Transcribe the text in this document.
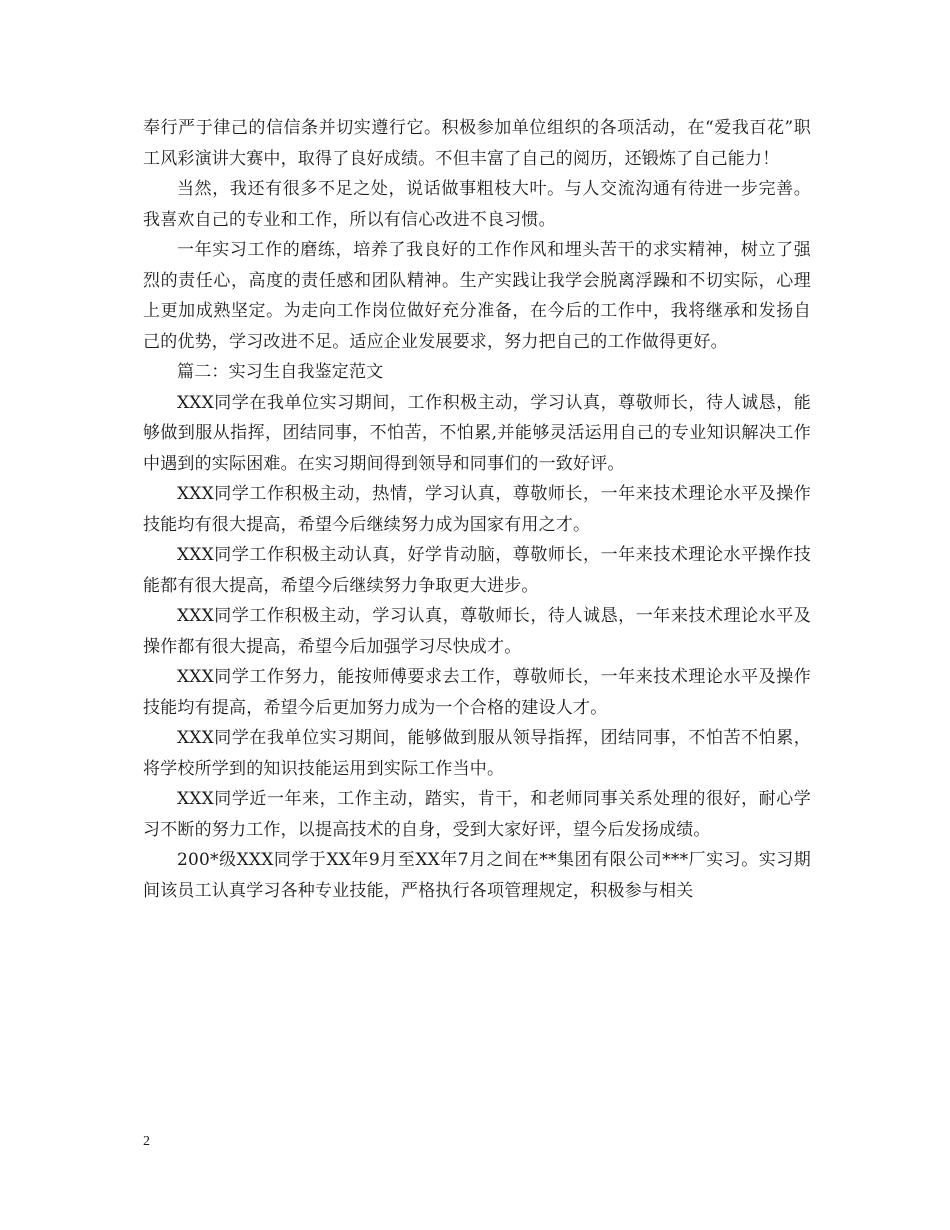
奉行严于律己的信信条并切实遵行它。积极参加单位组织的各项活动，在“爱我百花”职工风彩演讲大赛中，取得了良好成绩。不但丰富了自己的阅历，还锻炼了自己能力！

当然，我还有很多不足之处，说话做事粗枝大叶。与人交流沟通有待进一步完善。我喜欢自己的专业和工作，所以有信心改进不良习惯。

一年实习工作的磨练，培养了我良好的工作作风和埋头苦干的求实精神，树立了强烈的责任心，高度的责任感和团队精神。生产实践让我学会脱离浮躁和不切实际，心理上更加成熟坚定。为走向工作岗位做好充分准备，在今后的工作中，我将继承和发扬自己的优势，学习改进不足。适应企业发展要求，努力把自己的工作做得更好。

篇二：实习生自我鉴定范文

XXX同学在我单位实习期间，工作积极主动，学习认真，尊敬师长，待人诚恳，能够做到服从指挥，团结同事，不怕苦，不怕累,并能够灵活运用自己的专业知识解决工作中遇到的实际困难。在实习期间得到领导和同事们的一致好评。

XXX同学工作积极主动，热情，学习认真，尊敬师长，一年来技术理论水平及操作技能均有很大提高，希望今后继续努力成为国家有用之才。

XXX同学工作积极主动认真，好学肯动脑，尊敬师长，一年来技术理论水平操作技能都有很大提高，希望今后继续努力争取更大进步。

XXX同学工作积极主动，学习认真，尊敬师长，待人诚恳，一年来技术理论水平及操作都有很大提高，希望今后加强学习尽快成才。

XXX同学工作努力，能按师傅要求去工作，尊敬师长，一年来技术理论水平及操作技能均有提高，希望今后更加努力成为一个合格的建设人才。

XXX同学在我单位实习期间，能够做到服从领导指挥，团结同事，不怕苦不怕累，将学校所学到的知识技能运用到实际工作当中。

XXX同学近一年来，工作主动，踏实，肯干，和老师同事关系处理的很好，耐心学习不断的努力工作，以提高技术的自身，受到大家好评，望今后发扬成绩。

200*级XXX同学于XX年9月至XX年7月之间在**集团有限公司***厂实习。实习期间该员工认真学习各种专业技能，严格执行各项管理规定，积极参与相关

2
